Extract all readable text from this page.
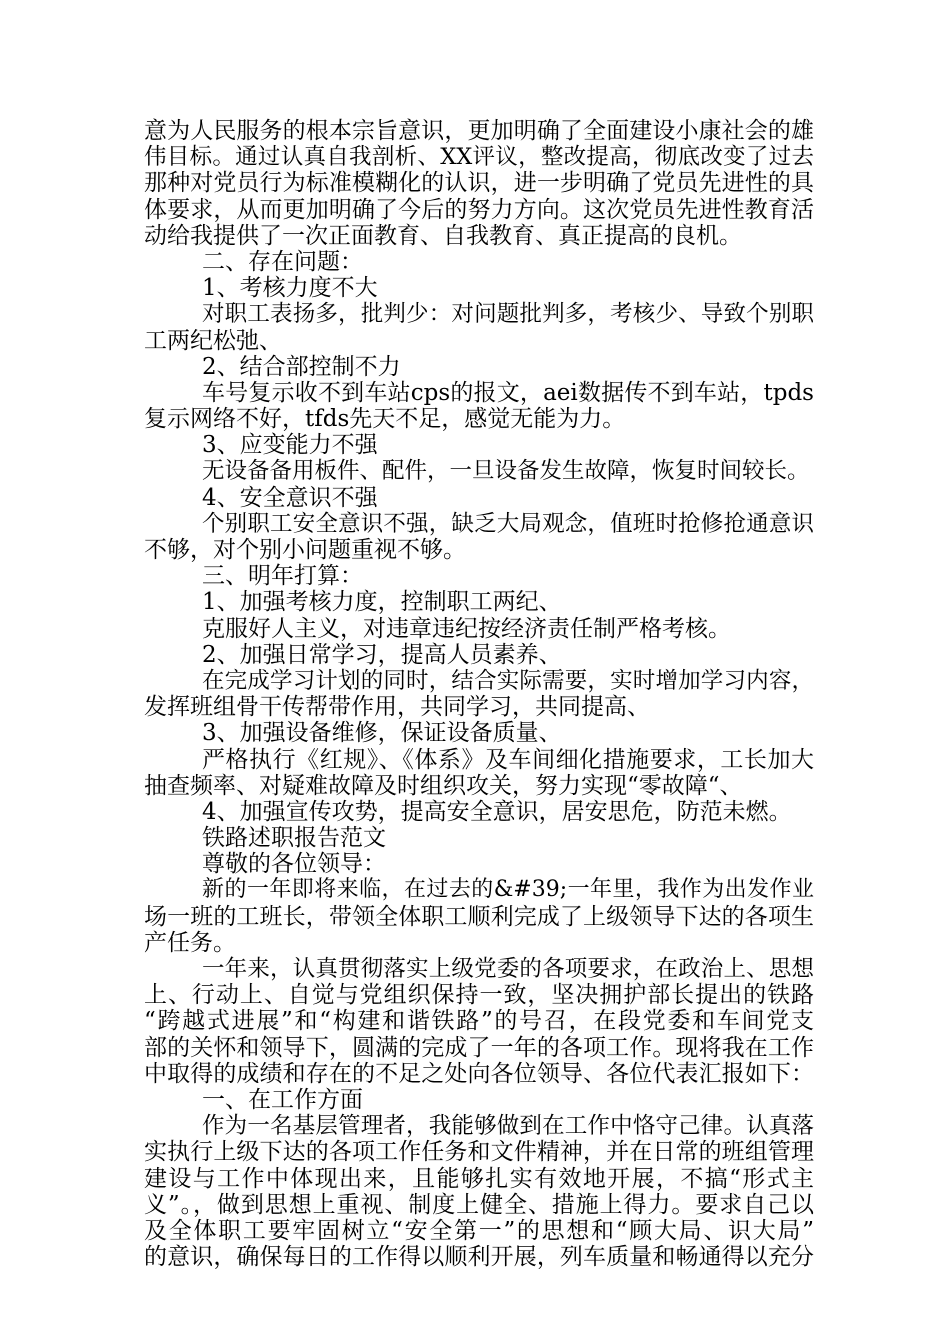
意为人民服务的根本宗旨意识，更加明确了全面建设小康社会的雄
伟目标。通过认真自我剖析、XX评议，整改提高，彻底改变了过去
那种对党员行为标准模糊化的认识，进一步明确了党员先进性的具
体要求，从而更加明确了今后的努力方向。这次党员先进性教育活
动给我提供了一次正面教育、自我教育、真正提高的良机。
二、存在问题：
1、考核力度不大
对职工表扬多，批判少：对问题批判多，考核少、导致个别职
工两纪松弛、
2、结合部控制不力
车号复示收不到车站cps的报文，aei数据传不到车站，tpds
复示网络不好，tfds先天不足，感觉无能为力。
3、应变能力不强
无设备备用板件、配件，一旦设备发生故障，恢复时间较长。
4、安全意识不强
个别职工安全意识不强，缺乏大局观念，值班时抢修抢通意识
不够，对个别小问题重视不够。
三、明年打算：
1、加强考核力度，控制职工两纪、
克服好人主义，对违章违纪按经济责任制严格考核。
2、加强日常学习，提高人员素养、
在完成学习计划的同时，结合实际需要，实时增加学习内容，
发挥班组骨干传帮带作用，共同学习，共同提高、
3、加强设备维修，保证设备质量、
严格执行《红规》、《体系》及车间细化措施要求，工长加大
抽查频率、对疑难故障及时组织攻关，努力实现“零故障“、
4、加强宣传攻势，提高安全意识，居安思危，防范未燃。
铁路述职报告范文
尊敬的各位领导：
新的一年即将来临，在过去的&#39;一年里，我作为出发作业
场一班的工班长，带领全体职工顺利完成了上级领导下达的各项生
产任务。
一年来，认真贯彻落实上级党委的各项要求，在政治上、思想
上、行动上、自觉与党组织保持一致，坚决拥护部长提出的铁路
“跨越式进展”和“构建和谐铁路”的号召，在段党委和车间党支
部的关怀和领导下，圆满的完成了一年的各项工作。现将我在工作
中取得的成绩和存在的不足之处向各位领导、各位代表汇报如下：
一、在工作方面
作为一名基层管理者，我能够做到在工作中恪守己律。认真落
实执行上级下达的各项工作任务和文件精神，并在日常的班组管理
建设与工作中体现出来，且能够扎实有效地开展，不搞“形式主
义”。，做到思想上重视、制度上健全、措施上得力。要求自己以
及全体职工要牢固树立“安全第一”的思想和“顾大局、识大局”
的意识，确保每日的工作得以顺利开展，列车质量和畅通得以充分
